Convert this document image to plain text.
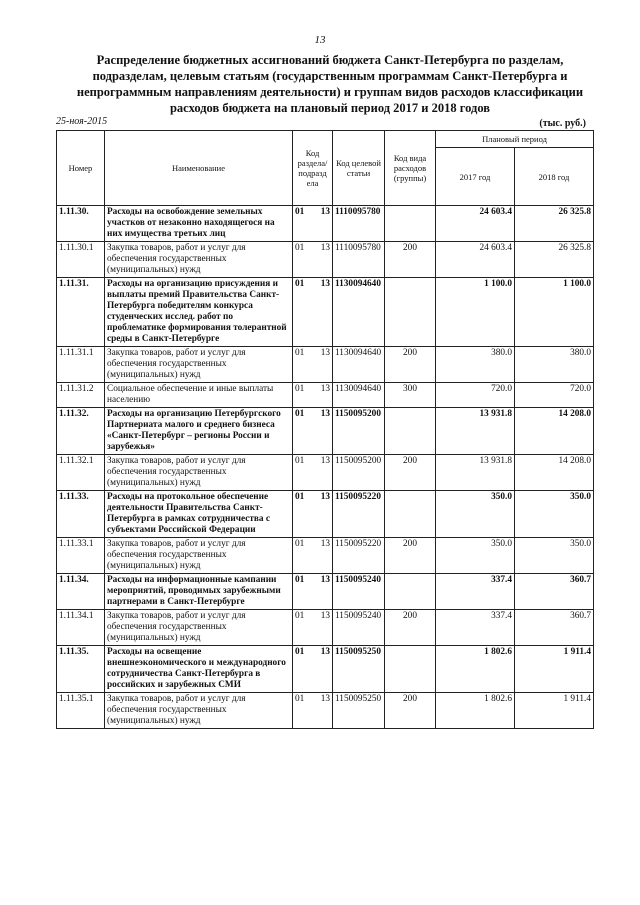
13
Распределение бюджетных ассигнований бюджета Санкт-Петербурга по разделам, подразделам, целевым статьям (государственным программам Санкт-Петербурга и непрограммным направлениям деятельности) и группам видов расходов классификации расходов бюджета на плановый период 2017 и 2018 годов
25-ноя-2015	(тыс. руб.)
Номер	Наименование	Код раздела/ подразд ела	Код целевой статьи	Код вида расходов (группы)	Плановый период	
					2017 год	2018 год
1.11.30.	Расходы на освобождение земельных участков от незаконно находящегося на них имущества третьих лиц	01 13	1110095780		24 603.4	26 325.8
1.11.30.1	Закупка товаров, работ и услуг для обеспечения государственных (муниципальных) нужд	01 13	1110095780	200	24 603.4	26 325.8
1.11.31.	Расходы на организацию присуждения и выплаты премий Правительства Санкт-Петербурга победителям конкурса студенческих исслед. работ по проблематике формирования толерантной среды в Санкт-Петербурге	01 13	1130094640		1 100.0	1 100.0
1.11.31.1	Закупка товаров, работ и услуг для обеспечения государственных (муниципальных) нужд	01 13	1130094640	200	380.0	380.0
1.11.31.2	Социальное обеспечение и иные выплаты населению	01 13	1130094640	300	720.0	720.0
1.11.32.	Расходы на организацию Петербургского Партнериата малого и среднего бизнеса «Санкт-Петербург – регионы России и зарубежья»	01 13	1150095200		13 931.8	14 208.0
1.11.32.1	Закупка товаров, работ и услуг для обеспечения государственных (муниципальных) нужд	01 13	1150095200	200	13 931.8	14 208.0
1.11.33.	Расходы на протокольное обеспечение деятельности Правительства Санкт-Петербурга в рамках сотрудничества с субъектами Российской Федерации	01 13	1150095220		350.0	350.0
1.11.33.1	Закупка товаров, работ и услуг для обеспечения государственных (муниципальных) нужд	01 13	1150095220	200	350.0	350.0
1.11.34.	Расходы на информационные кампании мероприятий, проводимых зарубежными партнерами в Санкт-Петербурге	01 13	1150095240		337.4	360.7
1.11.34.1	Закупка товаров, работ и услуг для обеспечения государственных (муниципальных) нужд	01 13	1150095240	200	337.4	360.7
1.11.35.	Расходы на освещение внешнеэкономического и международного сотрудничества Санкт-Петербурга в российских и зарубежных СМИ	01 13	1150095250		1 802.6	1 911.4
1.11.35.1	Закупка товаров, работ и услуг для обеспечения государственных (муниципальных) нужд	01 13	1150095250	200	1 802.6	1 911.4
